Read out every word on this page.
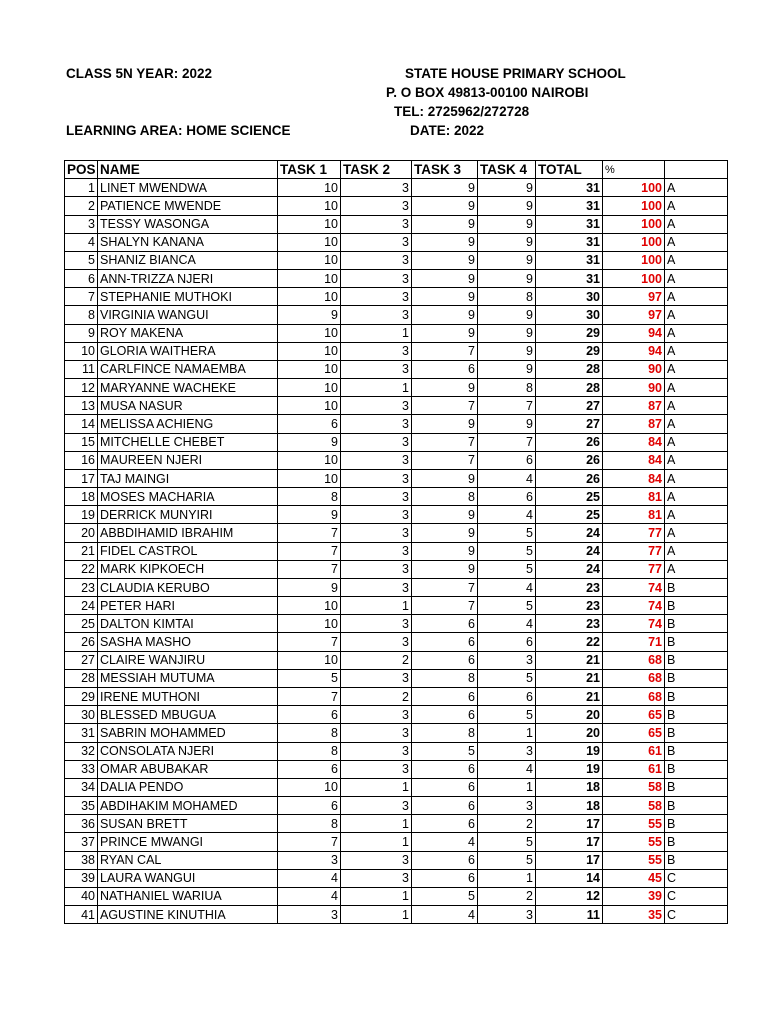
CLASS 5N YEAR: 2022	STATE HOUSE PRIMARY SCHOOL
P. O BOX 49813-00100 NAIROBI
TEL: 2725962/272728
LEARNING AREA: HOME SCIENCE	DATE: 2022
POS	NAME	TASK 1	TASK 2	TASK 3	TASK 4	TOTAL	%	
1	LINET MWENDWA	10	3	9	9	31	100	A
2	PATIENCE MWENDE	10	3	9	9	31	100	A
3	TESSY WASONGA	10	3	9	9	31	100	A
4	SHALYN KANANA	10	3	9	9	31	100	A
5	SHANIZ BIANCA	10	3	9	9	31	100	A
6	ANN-TRIZZA NJERI	10	3	9	9	31	100	A
7	STEPHANIE MUTHOKI	10	3	9	8	30	97	A
8	VIRGINIA WANGUI	9	3	9	9	30	97	A
9	ROY MAKENA	10	1	9	9	29	94	A
10	GLORIA WAITHERA	10	3	7	9	29	94	A
11	CARLFINCE NAMAEMBA	10	3	6	9	28	90	A
12	MARYANNE WACHEKE	10	1	9	8	28	90	A
13	MUSA NASUR	10	3	7	7	27	87	A
14	MELISSA ACHIENG	6	3	9	9	27	87	A
15	MITCHELLE CHEBET	9	3	7	7	26	84	A
16	MAUREEN NJERI	10	3	7	6	26	84	A
17	TAJ MAINGI	10	3	9	4	26	84	A
18	MOSES MACHARIA	8	3	8	6	25	81	A
19	DERRICK MUNYIRI	9	3	9	4	25	81	A
20	ABBDIHAMID IBRAHIM	7	3	9	5	24	77	A
21	FIDEL CASTROL	7	3	9	5	24	77	A
22	MARK KIPKOECH	7	3	9	5	24	77	A
23	CLAUDIA KERUBO	9	3	7	4	23	74	B
24	PETER HARI	10	1	7	5	23	74	B
25	DALTON KIMTAI	10	3	6	4	23	74	B
26	SASHA MASHO	7	3	6	6	22	71	B
27	CLAIRE WANJIRU	10	2	6	3	21	68	B
28	MESSIAH MUTUMA	5	3	8	5	21	68	B
29	IRENE MUTHONI	7	2	6	6	21	68	B
30	BLESSED MBUGUA	6	3	6	5	20	65	B
31	SABRIN MOHAMMED	8	3	8	1	20	65	B
32	CONSOLATA NJERI	8	3	5	3	19	61	B
33	OMAR ABUBAKAR	6	3	6	4	19	61	B
34	DALIA PENDO	10	1	6	1	18	58	B
35	ABDIHAKIM MOHAMED	6	3	6	3	18	58	B
36	SUSAN BRETT	8	1	6	2	17	55	B
37	PRINCE MWANGI	7	1	4	5	17	55	B
38	RYAN CAL	3	3	6	5	17	55	B
39	LAURA WANGUI	4	3	6	1	14	45	C
40	NATHANIEL WARIUA	4	1	5	2	12	39	C
41	AGUSTINE KINUTHIA	3	1	4	3	11	35	C
